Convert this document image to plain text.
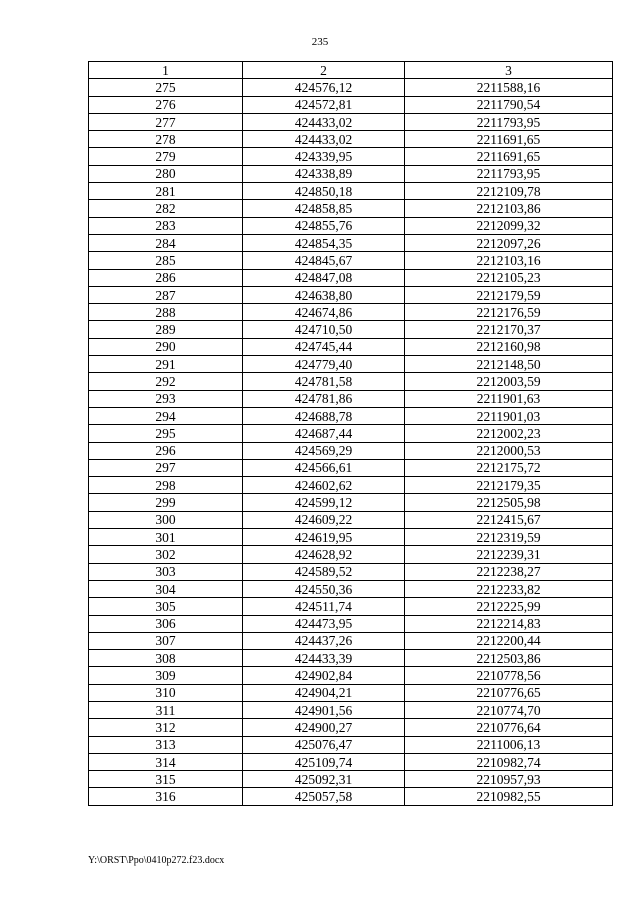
235
1	2	3
275	424576,12	2211588,16
276	424572,81	2211790,54
277	424433,02	2211793,95
278	424433,02	2211691,65
279	424339,95	2211691,65
280	424338,89	2211793,95
281	424850,18	2212109,78
282	424858,85	2212103,86
283	424855,76	2212099,32
284	424854,35	2212097,26
285	424845,67	2212103,16
286	424847,08	2212105,23
287	424638,80	2212179,59
288	424674,86	2212176,59
289	424710,50	2212170,37
290	424745,44	2212160,98
291	424779,40	2212148,50
292	424781,58	2212003,59
293	424781,86	2211901,63
294	424688,78	2211901,03
295	424687,44	2212002,23
296	424569,29	2212000,53
297	424566,61	2212175,72
298	424602,62	2212179,35
299	424599,12	2212505,98
300	424609,22	2212415,67
301	424619,95	2212319,59
302	424628,92	2212239,31
303	424589,52	2212238,27
304	424550,36	2212233,82
305	424511,74	2212225,99
306	424473,95	2212214,83
307	424437,26	2212200,44
308	424433,39	2212503,86
309	424902,84	2210778,56
310	424904,21	2210776,65
311	424901,56	2210774,70
312	424900,27	2210776,64
313	425076,47	2211006,13
314	425109,74	2210982,74
315	425092,31	2210957,93
316	425057,58	2210982,55
Y:\ORST\Ppo\0410p272.f23.docx
